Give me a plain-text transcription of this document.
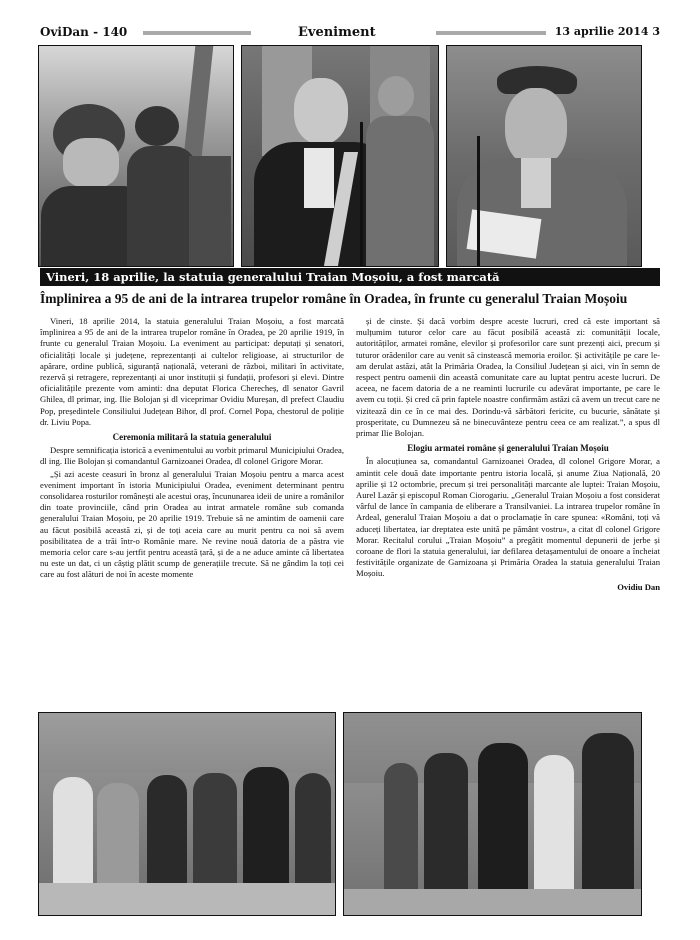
OviDan - 140	Eveniment	13 aprilie 2014 3
Vineri, 18 aprilie, la statuia generalului Traian Moșoiu, a fost marcată
Împlinirea a 95 de ani de la intrarea trupelor române în Oradea, în frunte cu generalul Traian Moșoiu

Vineri, 18 aprilie 2014, la statuia generalului Traian Moșoiu, a fost marcată împlinirea a 95 de ani de la intrarea trupelor române în Oradea, pe 20 aprilie 1919, în frunte cu generalul Traian Moșoiu. La eveniment au participat: deputați și senatori, oficialități locale și județene, reprezentanți ai cultelor religioase, ai structurilor de apărare, ordine publică, siguranță națională, veterani de război, militari în activitate, rezervă și retragere, reprezentanți ai unor instituții și fundații, profesori și elevi. Dintre oficialitățile prezente vom aminti: dna deputat Florica Cherecheș, dl senator Gavril Ghilea, dl primar, ing. Ilie Bolojan și dl viceprimar Ovidiu Mureșan, dl prefect Claudiu Pop, președintele Consiliului Județean Bihor, dl prof. Cornel Popa, chestorul de poliție dr. Liviu Popa.

Ceremonia militară la statuia generalului

Despre semnificația istorică a evenimentului au vorbit primarul Municipiului Oradea, dl ing. Ilie Bolojan și comandantul Garnizoanei Oradea, dl colonel Grigore Morar.

„Și azi aceste ceasuri în bronz al generalului Traian Moșoiu pentru a marca acest eveniment important în istoria Municipiului Oradea, eveniment determinant pentru consolidarea rosturilor românești ale acestui oraș, încununarea ideii de unire a românilor din toate provinciile, când prin Oradea au intrat armatele române sub comanda generalului Traian Moșoiu, pe 20 aprilie 1919. Trebuie să ne amintim de oamenii care au făcut posibilă această zi, și de toți aceia care au murit pentru ca noi să avem posibilitatea de a trăi într-o Românie mare. Ne revine nouă datoria de a păstra vie memoria celor care s-au jertfit pentru această țară, și de a ne aduce aminte că libertatea nu este un dat, ci un câștig plătit scump de generațiile trecute. Să ne gândim la toți cei care au fost alături de noi în aceste momente

și de cinste. Și dacă vorbim despre aceste lucruri, cred că este important să mulțumim tuturor celor care au făcut posibilă această zi: comunității locale, autorităților, armatei române, elevilor și profesorilor care sunt prezenți aici, precum și tuturor orădenilor care au venit să cinstească memoria eroilor. Și activitățile pe care le-am derulat astăzi, atât la Primăria Oradea, la Consiliul Județean și aici, vin în semn de respect pentru oamenii din această comunitate care au luptat pentru aceste lucruri. De aceea, ne facem datoria de a ne reaminti lucrurile cu adevărat importante, pe care le avem cu toții. Și cred că prin faptele noastre confirmăm astăzi că avem un trecut care ne vizitează din ce în ce mai des. Dorindu-vă sărbători fericite, cu bucurie, sănătate și prosperitate, cu Dumnezeu să ne binecuvânteze pentru ceea ce am realizat.”, a spus dl primar Ilie Bolojan.

Elogiu armatei române și generalului Traian Moșoiu

În alocuțiunea sa, comandantul Garnizoanei Oradea, dl colonel Grigore Morar, a amintit cele două date importante pentru istoria locală, și anume Ziua Națională, 20 aprilie și 12 octombrie, precum și trei personalități marcante ale luptei: Traian Moșoiu, Aurel Lazăr și episcopul Roman Ciorogariu. „Generalul Traian Moșoiu a fost considerat vârful de lance în campania de eliberare a Transilvaniei. La intrarea trupelor române în Ardeal, generalul Traian Moșoiu a dat o proclamație în care spunea: «Români, toți vă aduceți libertatea, iar dreptatea este unită pe pământ vostru», a citat dl colonel Grigore Morar. Recitalul corului „Traian Moșoiu” a pregătit momentul depunerii de jerbe și coroane de flori la statuia generalului, iar defilarea detașamentului de onoare a încheiat festivitățile organizate de Garnizoana și Primăria Oradea la statuia generalului Traian Moșoiu.

Ovidiu Dan
